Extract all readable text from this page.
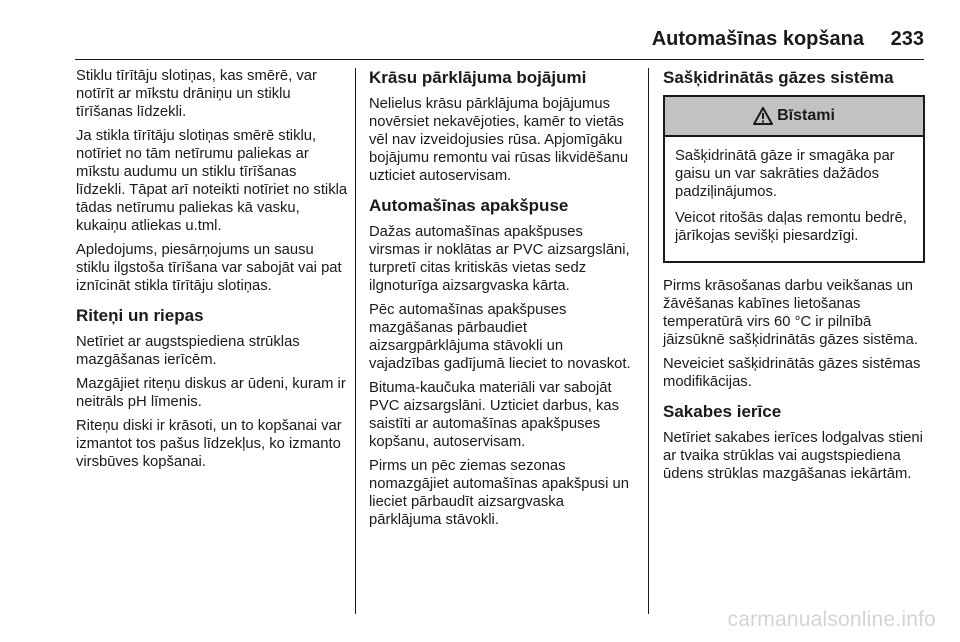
Automašīnas kopšana 233

Stiklu tīrītāju slotiņas, kas smērē, var notīrīt ar mīkstu drāniņu un stiklu tīrīšanas līdzekli.

Ja stikla tīrītāju slotiņas smērē stiklu, notīriet no tām netīrumu paliekas ar mīkstu audumu un stiklu tīrīšanas līdzekli. Tāpat arī noteikti notīriet no stikla tādas netīrumu paliekas kā vasku, kukaiņu atliekas u.tml.

Apledojums, piesārņojums un sausu stiklu ilgstoša tīrīšana var sabojāt vai pat iznīcināt stikla tīrītāju slotiņas.

Riteņi un riepas

Netīriet ar augstspiediena strūklas mazgāšanas ierīcēm.

Mazgājiet riteņu diskus ar ūdeni, kuram ir neitrāls pH līmenis.

Riteņu diski ir krāsoti, un to kopšanai var izmantot tos pašus līdzekļus, ko izmanto virsbūves kopšanai.

Krāsu pārklājuma bojājumi

Nelielus krāsu pārklājuma bojājumus novērsiet nekavējoties, kamēr to vietās vēl nav izveidojusies rūsa. Apjomīgāku bojājumu remontu vai rūsas likvidēšanu uzticiet autoservisam.

Automašīnas apakšpuse

Dažas automašīnas apakšpuses virsmas ir noklātas ar PVC aizsargslāni, turpretī citas kritiskās vietas sedz ilgnoturīga aizsargvaska kārta.

Pēc automašīnas apakšpuses mazgāšanas pārbaudiet aizsargpārklājuma stāvokli un vajadzības gadījumā lieciet to novaskot.

Bituma-kaučuka materiāli var sabojāt PVC aizsargslāni. Uzticiet darbus, kas saistīti ar automašīnas apakšpuses kopšanu, autoservisam.

Pirms un pēc ziemas sezonas nomazgājiet automašīnas apakšpusi un lieciet pārbaudīt aizsargvaska pārklājuma stāvokli.

Sašķidrinātās gāzes sistēma
Bīstami

Sašķidrinātā gāze ir smagāka par gaisu un var sakrāties dažādos padziļinājumos.

Veicot ritošās daļas remontu bedrē, jārīkojas sevišķi piesardzīgi.

Pirms krāsošanas darbu veikšanas un žāvēšanas kabīnes lietošanas temperatūrā virs 60 °C ir pilnībā jāizsūknē sašķidrinātās gāzes sistēma.

Neveiciet sašķidrinātās gāzes sistēmas modifikācijas.

Sakabes ierīce

Netīriet sakabes ierīces lodgalvas stieni ar tvaika strūklas vai augstspiediena ūdens strūklas mazgāšanas iekārtām.

carmanualsonline.info
